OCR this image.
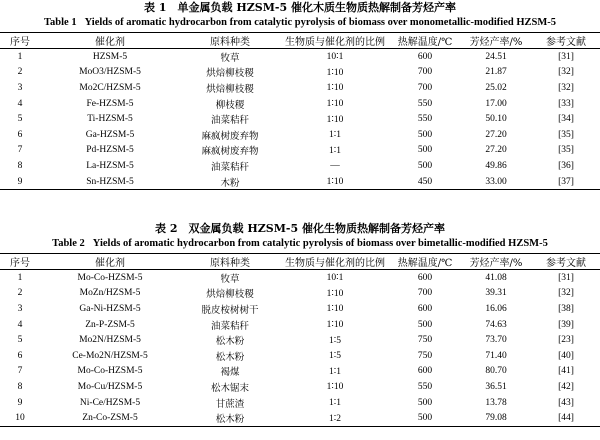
表 1　单金属负载 HZSM-5 催化木质生物质热解制备芳烃产率
Table 1 Yields of aromatic hydrocarbon from catalytic pyrolysis of biomass over monometallic-modified HZSM-5
序号	催化剂	原料种类	生物质与催化剂的比例	热解温度/℃	芳烃产率/%	参考文献
1	HZSM-5	牧草	10∶1	600	24.51	[31]
2	MoO3/HZSM-5	烘焙柳枝稷	1∶10	700	21.87	[32]
3	Mo2C/HZSM-5	烘焙柳枝稷	1∶10	700	25.02	[32]
4	Fe-HZSM-5	柳枝稷	1∶10	550	17.00	[33]
5	Ti-HZSM-5	油菜秸秆	1∶10	550	50.10	[34]
6	Ga-HZSM-5	麻疯树废弃物	1∶1	500	27.20	[35]
7	Pd-HZSM-5	麻疯树废弃物	1∶1	500	27.20	[35]
8	La-HZSM-5	油菜秸秆	—	500	49.86	[36]
9	Sn-HZSM-5	木粉	1∶10	450	33.00	[37]
表 2　双金属负载 HZSM-5 催化生物质热解制备芳烃产率
Table 2 Yields of aromatic hydrocarbon from catalytic pyrolysis of biomass over bimetallic-modified HZSM-5
序号	催化剂	原料种类	生物质与催化剂的比例	热解温度/℃	芳烃产率/%	参考文献
1	Mo-Co-HZSM-5	牧草	10∶1	600	41.08	[31]
2	MoZn/HZSM-5	烘焙柳枝稷	1∶10	700	39.31	[32]
3	Ga-Ni-HZSM-5	脱皮桉树树干	1∶10	600	16.06	[38]
4	Zn-P-ZSM-5	油菜秸秆	1∶10	500	74.63	[39]
5	Mo2N/HZSM-5	松木粉	1∶5	750	73.70	[23]
6	Ce-Mo2N/HZSM-5	松木粉	1∶5	750	71.40	[40]
7	Mo-Co-HZSM-5	褐煤	1∶1	600	80.70	[41]
8	Mo-Cu/HZSM-5	松木锯末	1∶10	550	36.51	[42]
9	Ni-Ce/HZSM-5	甘蔗渣	1∶1	500	13.78	[43]
10	Zn-Co-ZSM-5	松木粉	1∶2	500	79.08	[44]
